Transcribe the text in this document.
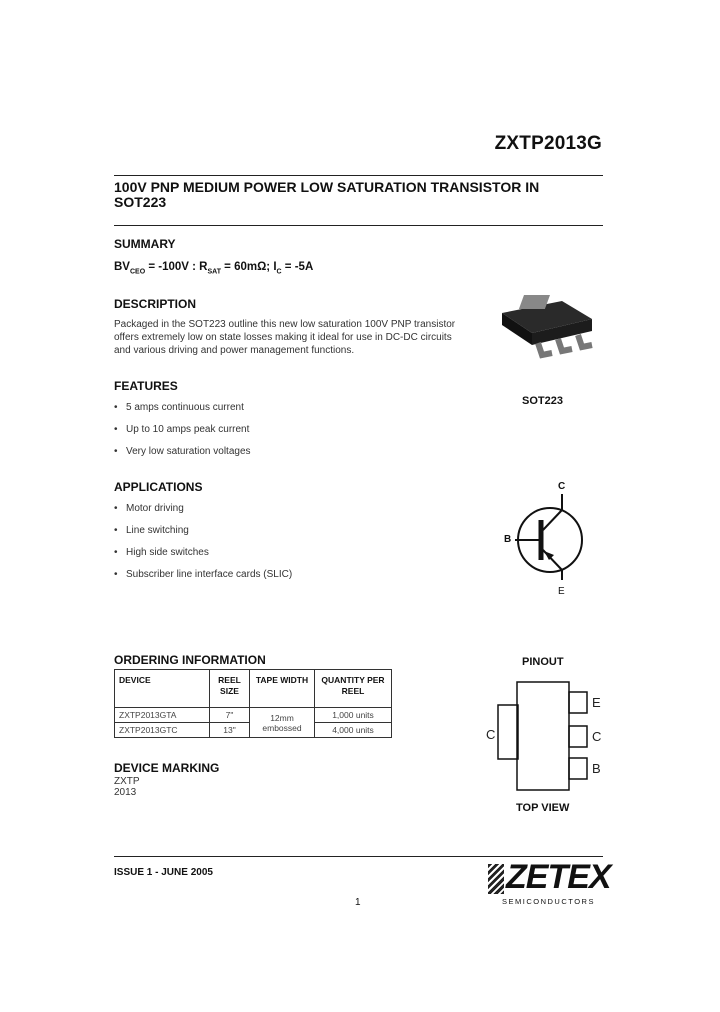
ZXTP2013G
100V PNP MEDIUM POWER LOW SATURATION TRANSISTOR IN SOT223
SUMMARY
$BV_{CEO} = -100V$ : $R_{SAT} = 60m\Omega$; $I_C = -5A$
DESCRIPTION
Packaged in the SOT223 outline this new low saturation 100V PNP transistor offers extremely low on state losses making it ideal for use in DC-DC circuits and various driving and power management functions.
SOT223
FEATURES
• 5 amps continuous current
• Up to 10 amps peak current
• Very low saturation voltages
APPLICATIONS
• Motor driving
• Line switching
• High side switches
• Subscriber line interface cards (SLIC)
C
B
E
ORDERING INFORMATION
DEVICE	REEL SIZE	TAPE WIDTH	QUANTITY PER REEL
ZXTP2013GTA	7"	12mm embossed	1,000 units
ZXTP2013GTC	13"		4,000 units
DEVICE MARKING
ZXTP
2013
PINOUT
C
E
C
B
TOP VIEW
ISSUE 1 - JUNE 2005
1
ZETEX
SEMICONDUCTORS
